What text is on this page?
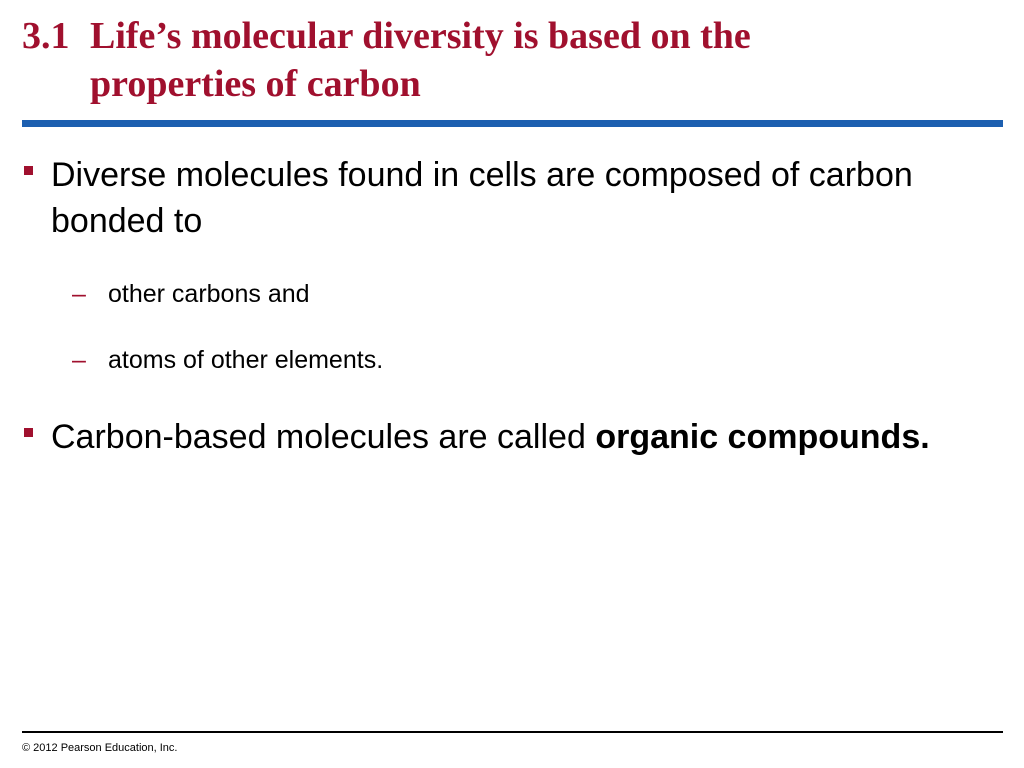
3.1 Life’s molecular diversity is based on the
properties of carbon
Diverse molecules found in cells are composed of carbon bonded to
– other carbons and
– atoms of other elements.
Carbon-based molecules are called organic compounds.
© 2012 Pearson Education, Inc.
